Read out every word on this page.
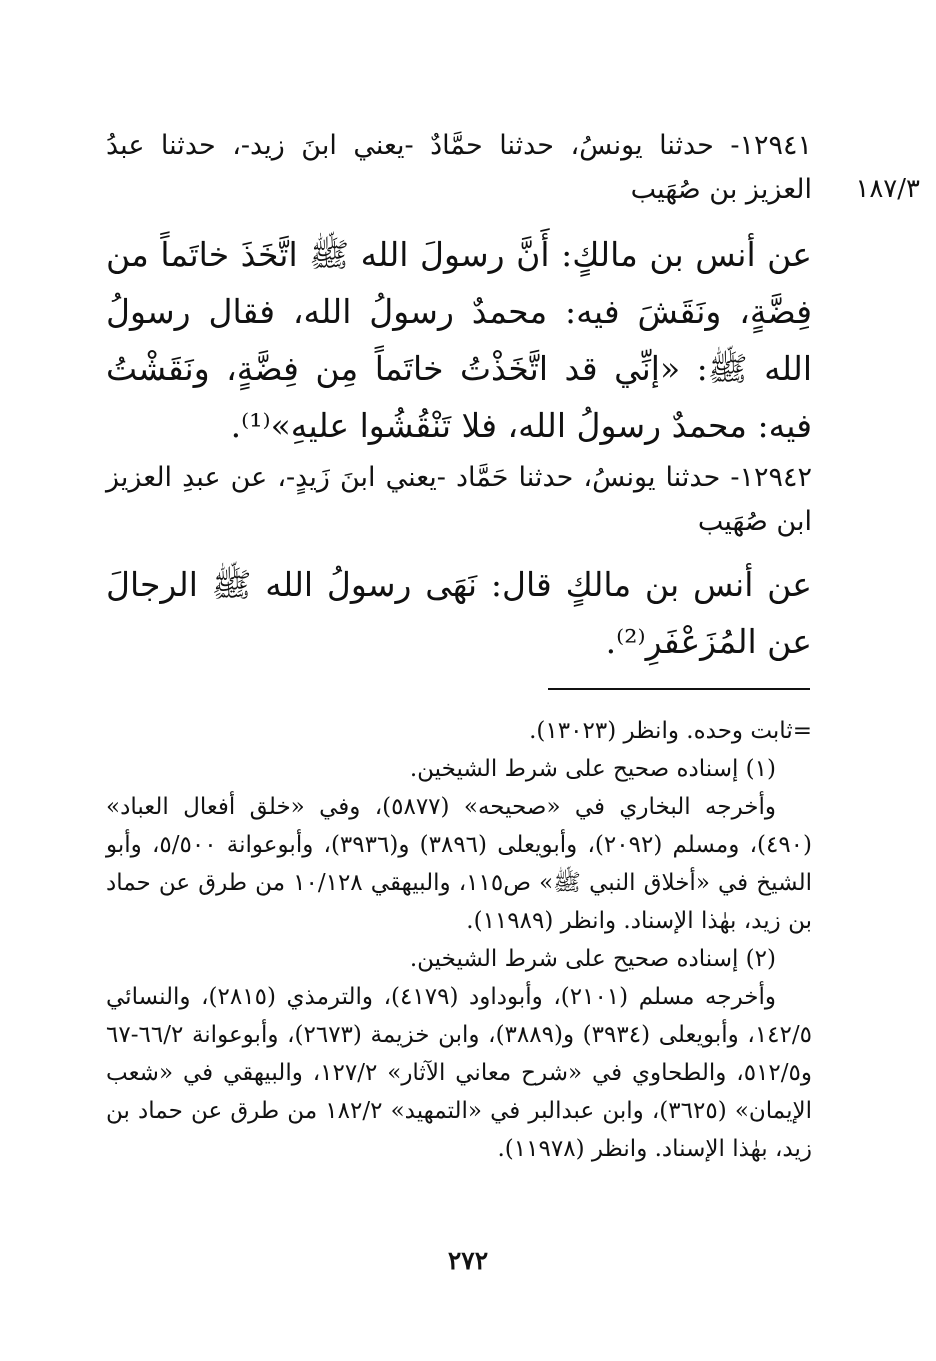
١٨٧/٣

١٢٩٤١- حدثنا يونسُ، حدثنا حمَّادٌ -يعني ابنَ زيد-، حدثنا عبدُ العزيز بن صُهَيب

عن أنس بن مالكٍ: أَنَّ رسولَ الله ﷺ اتَّخَذَ خاتَماً من فِضَّةٍ، ونَقَشَ فيه: محمدٌ رسولُ الله، فقال رسولُ الله ﷺ: «إنِّي قد اتَّخَذْتُ خاتَماً مِن فِضَّةٍ، ونَقَشْتُ فيه: محمدٌ رسولُ الله، فلا تَنْقُشُوا عليهِ»⁽¹⁾.

١٢٩٤٢- حدثنا يونسُ، حدثنا حَمَّاد -يعني ابنَ زَيدٍ-، عن عبدِ العزيز ابن صُهَيب

عن أنس بن مالكٍ قال: نَهَى رسولُ الله ﷺ الرجالَ عن المُزَعْفَرِ⁽²⁾.

=ثابت وحده. وانظر (١٣٠٢٣).
(١) إسناده صحيح على شرط الشيخين.
وأخرجه البخاري في «صحيحه» (٥٨٧٧)، وفي «خلق أفعال العباد» (٤٩٠)، ومسلم (٢٠٩٢)، وأبويعلى (٣٨٩٦) و(٣٩٣٦)، وأبوعوانة ٥/٥٠٠، وأبو الشيخ في «أخلاق النبي ﷺ» ص١١٥، والبيهقي ١٠/١٢٨ من طرق عن حماد بن زيد، بهٰذا الإسناد. وانظر (١١٩٨٩).
(٢) إسناده صحيح على شرط الشيخين.
وأخرجه مسلم (٢١٠١)، وأبوداود (٤١٧٩)، والترمذي (٢٨١٥)، والنسائي ١٤٢/٥، وأبويعلى (٣٩٣٤) و(٣٨٨٩)، وابن خزيمة (٢٦٧٣)، وأبوعوانة ٦٦/٢-٦٧ و٥١٢/٥، والطحاوي في «شرح معاني الآثار» ١٢٧/٢، والبيهقي في «شعب الإيمان» (٣٦٢٥)، وابن عبدالبر في «التمهيد» ١٨٢/٢ من طرق عن حماد بن زيد، بهٰذا الإسناد. وانظر (١١٩٧٨).
٢٧٢
